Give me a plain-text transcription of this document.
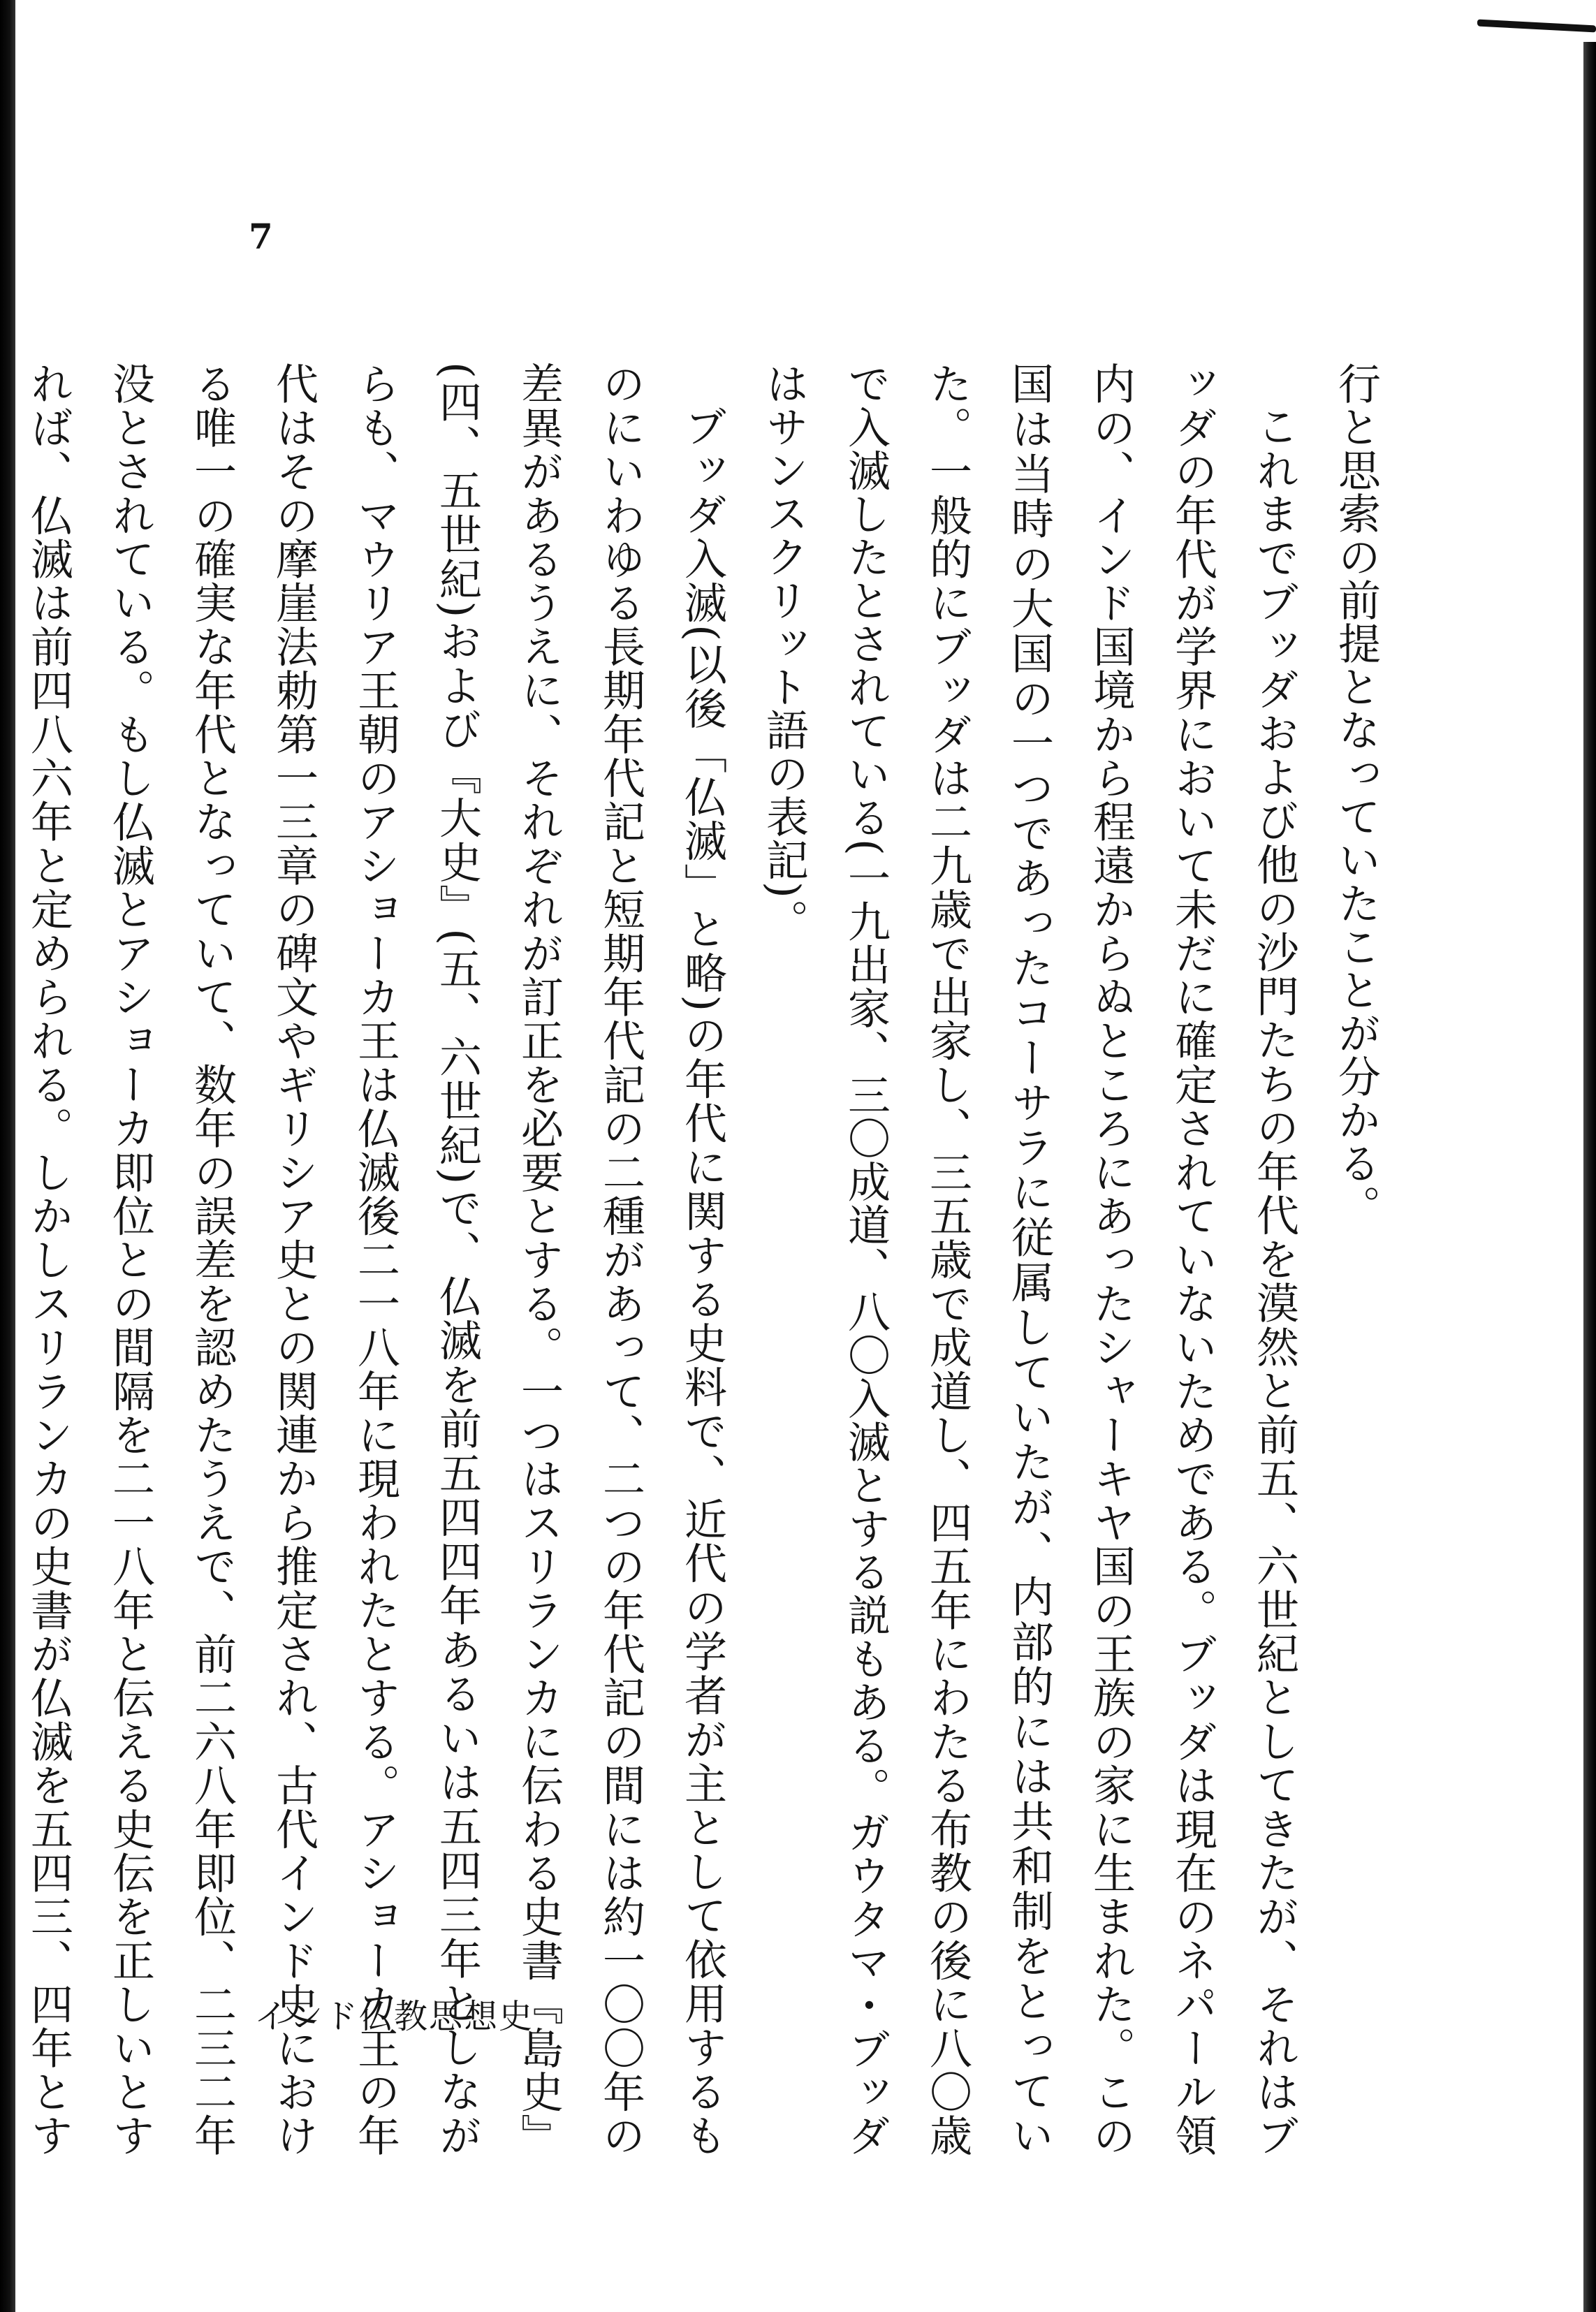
7

行と思索の前提となっていたことが分かる。

これまでブッダおよび他の沙門たちの年代を漠然と前五、六世紀としてきたが、それはブッダの年代が学界において未だに確定されていないためである。ブッダは現在のネパール領内の、インド国境から程遠からぬところにあったシャーキヤ国の王族の家に生まれた。この国は当時の大国の一つであったコーサラに従属していたが、内部的には共和制をとっていた。一般的にブッダは二九歳で出家し、三五歳で成道し、四五年にわたる布教の後に八〇歳で入滅したとされている(一九出家、三〇成道、八〇入滅とする説もある。ガウタマ・ブッダはサンスクリット語の表記)。

ブッダ入滅(以後「仏滅」と略)の年代に関する史料で、近代の学者が主として依用するものにいわゆる長期年代記と短期年代記の二種があって、二つの年代記の間には約一〇〇年の差異があるうえに、それぞれが訂正を必要とする。一つはスリランカに伝わる史書『島史』(四、五世紀)および『大史』(五、六世紀)で、仏滅を前五四四年あるいは五四三年としながらも、マウリア王朝のアショーカ王は仏滅後二一八年に現われたとする。アショーカ王の年代はその摩崖法勅第一三章の碑文やギリシア史との関連から推定され、古代インド史における唯一の確実な年代となっていて、数年の誤差を認めたうえで、前二六八年即位、二三二年没とされている。もし仏滅とアショーカ即位との間隔を二一八年と伝える史伝を正しいとすれば、仏滅は前四八六年と定められる。しかしスリランカの史書が仏滅を五四三、四年とす

インド仏教思想史
